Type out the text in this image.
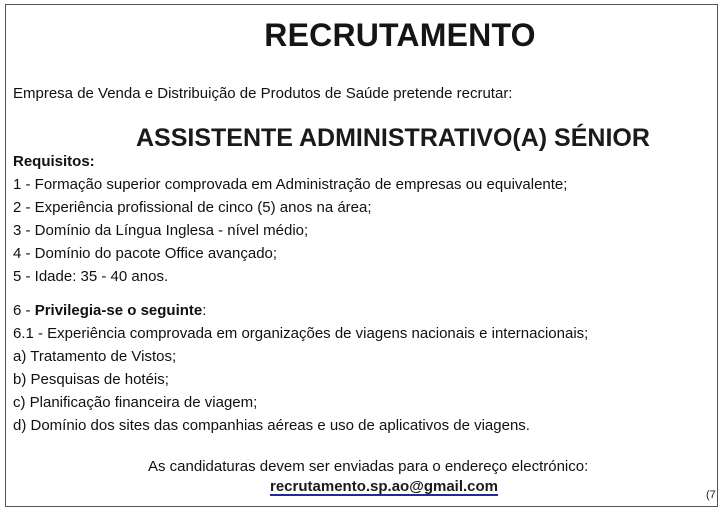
RECRUTAMENTO
Empresa de Venda e Distribuição de Produtos de Saúde pretende recrutar:
ASSISTENTE ADMINISTRATIVO(A) SÉNIOR
Requisitos:
1 - Formação superior comprovada em Administração de empresas ou equivalente;
2 - Experiência profissional de cinco (5) anos na área;
3 - Domínio da Língua Inglesa - nível médio;
4 - Domínio do pacote Office avançado;
5 - Idade: 35 - 40 anos.
6 - Privilegia-se o seguinte:
6.1 - Experiência comprovada em organizações de viagens nacionais e internacionais;
a) Tratamento de Vistos;
b) Pesquisas de hotéis;
c) Planificação financeira de viagem;
d) Domínio dos sites das companhias aéreas e uso de aplicativos de viagens.
As candidaturas devem ser enviadas para o endereço electrónico:
recrutamento.sp.ao@gmail.com	(7
